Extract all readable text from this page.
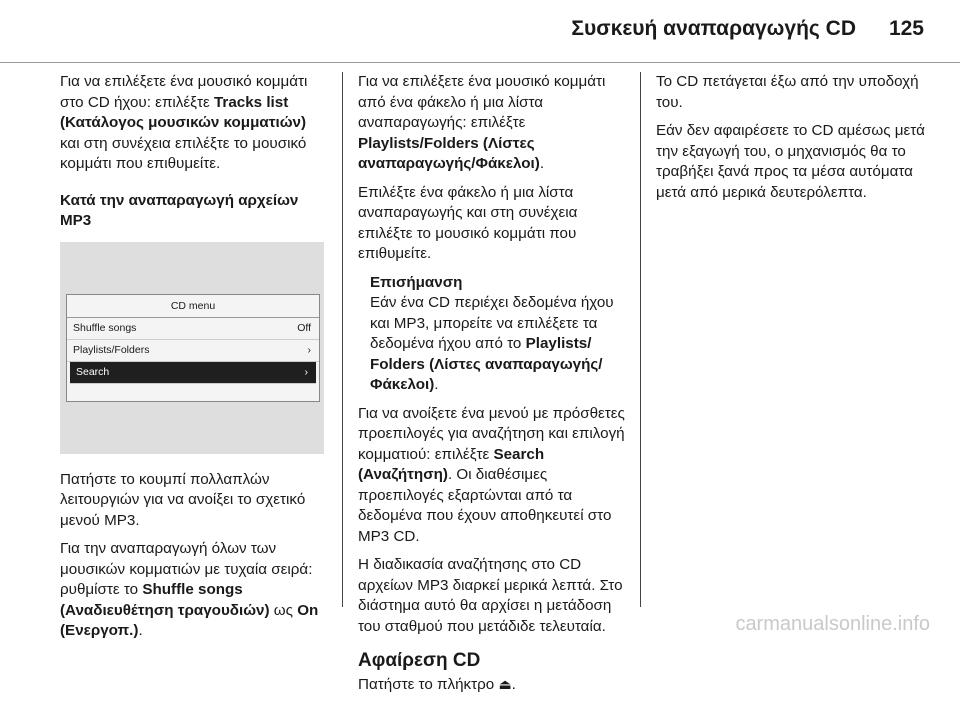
Συσκευή αναπαραγωγής CD 125

Για να επιλέξετε ένα μουσικό κομμάτι στο CD ήχου: επιλέξτε Tracks list (Κατάλογος μουσικών κομματιών) και στη συνέχεια επιλέξτε το μουσικό κομμάτι που επιθυμείτε.

Κατά την αναπαραγωγή αρχείων MP3

CD menu
Shuffle songs	Off
Playlists/Folders	›
Search	›

Πατήστε το κουμπί πολλαπλών λειτουργιών για να ανοίξει το σχετικό μενού MP3.

Για την αναπαραγωγή όλων των μουσικών κομματιών με τυχαία σειρά: ρυθμίστε το Shuffle songs (Αναδιευθέτηση τραγουδιών) ως On (Ενεργοπ.).

Για να επιλέξετε ένα μουσικό κομμάτι από ένα φάκελο ή μια λίστα αναπαραγωγής: επιλέξτε Playlists/Folders (Λίστες αναπαραγωγής/Φάκελοι).

Επιλέξτε ένα φάκελο ή μια λίστα αναπαραγωγής και στη συνέχεια επιλέξτε το μουσικό κομμάτι που επιθυμείτε.

Επισήμανση

Εάν ένα CD περιέχει δεδομένα ήχου και MP3, μπορείτε να επιλέξετε τα δεδομένα ήχου από το Playlists/ Folders (Λίστες αναπαραγωγής/ Φάκελοι).

Για να ανοίξετε ένα μενού με πρόσθετες προεπιλογές για αναζήτηση και επιλογή κομματιού: επιλέξτε Search (Αναζήτηση). Οι διαθέσιμες προεπιλογές εξαρτώνται από τα δεδομένα που έχουν αποθηκευτεί στο MP3 CD.

Η διαδικασία αναζήτησης στο CD αρχείων MP3 διαρκεί μερικά λεπτά. Στο διάστημα αυτό θα αρχίσει η μετάδοση του σταθμού που μετάδιδε τελευταία.

Αφαίρεση CD

Πατήστε το πλήκτρο ⏏.

Το CD πετάγεται έξω από την υποδοχή του.

Εάν δεν αφαιρέσετε το CD αμέσως μετά την εξαγωγή του, ο μηχανισμός θα το τραβήξει ξανά προς τα μέσα αυτόματα μετά από μερικά δευτερόλεπτα.

carmanualsonline.info
